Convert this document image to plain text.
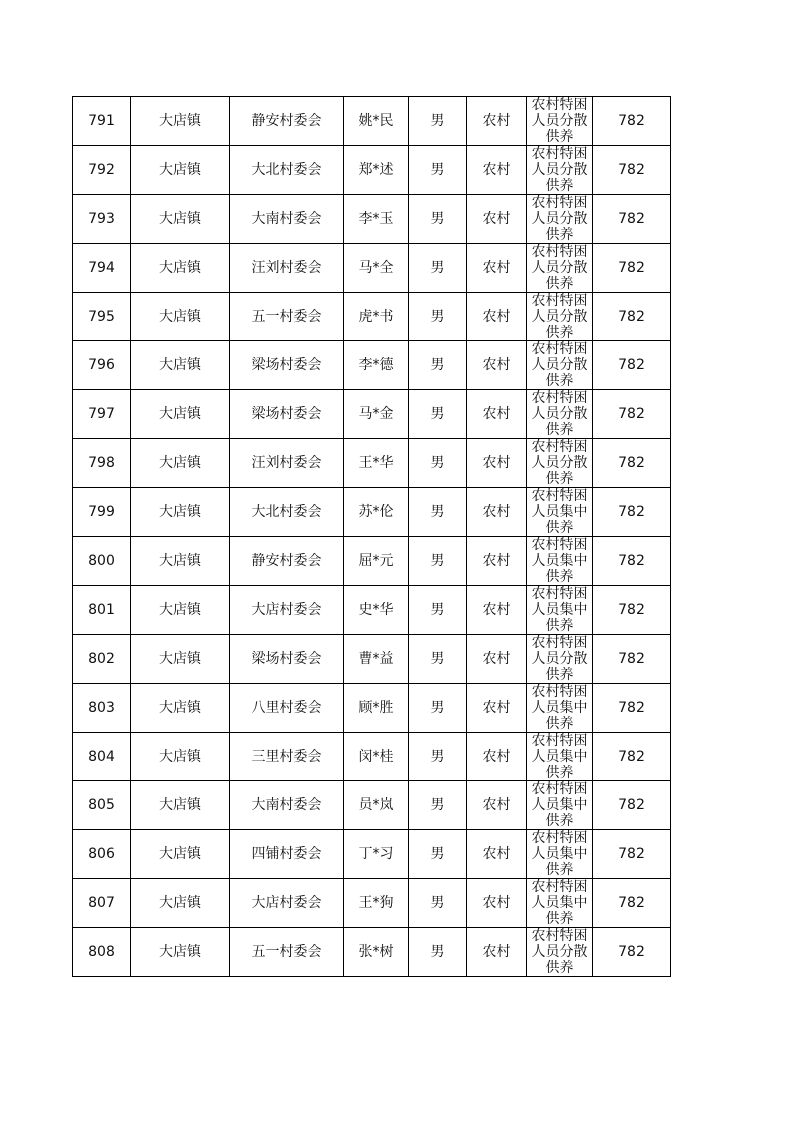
791	大店镇	静安村委会	姚*民	男	农村	农村特困人员分散供养	782
792	大店镇	大北村委会	郑*述	男	农村	农村特困人员分散供养	782
793	大店镇	大南村委会	李*玉	男	农村	农村特困人员分散供养	782
794	大店镇	汪刘村委会	马*全	男	农村	农村特困人员分散供养	782
795	大店镇	五一村委会	虎*书	男	农村	农村特困人员分散供养	782
796	大店镇	梁场村委会	李*德	男	农村	农村特困人员分散供养	782
797	大店镇	梁场村委会	马*金	男	农村	农村特困人员分散供养	782
798	大店镇	汪刘村委会	王*华	男	农村	农村特困人员分散供养	782
799	大店镇	大北村委会	苏*伦	男	农村	农村特困人员集中供养	782
800	大店镇	静安村委会	屈*元	男	农村	农村特困人员集中供养	782
801	大店镇	大店村委会	史*华	男	农村	农村特困人员集中供养	782
802	大店镇	梁场村委会	曹*益	男	农村	农村特困人员分散供养	782
803	大店镇	八里村委会	顾*胜	男	农村	农村特困人员集中供养	782
804	大店镇	三里村委会	闵*桂	男	农村	农村特困人员集中供养	782
805	大店镇	大南村委会	员*岚	男	农村	农村特困人员集中供养	782
806	大店镇	四铺村委会	丁*习	男	农村	农村特困人员集中供养	782
807	大店镇	大店村委会	王*狗	男	农村	农村特困人员集中供养	782
808	大店镇	五一村委会	张*树	男	农村	农村特困人员分散供养	782
